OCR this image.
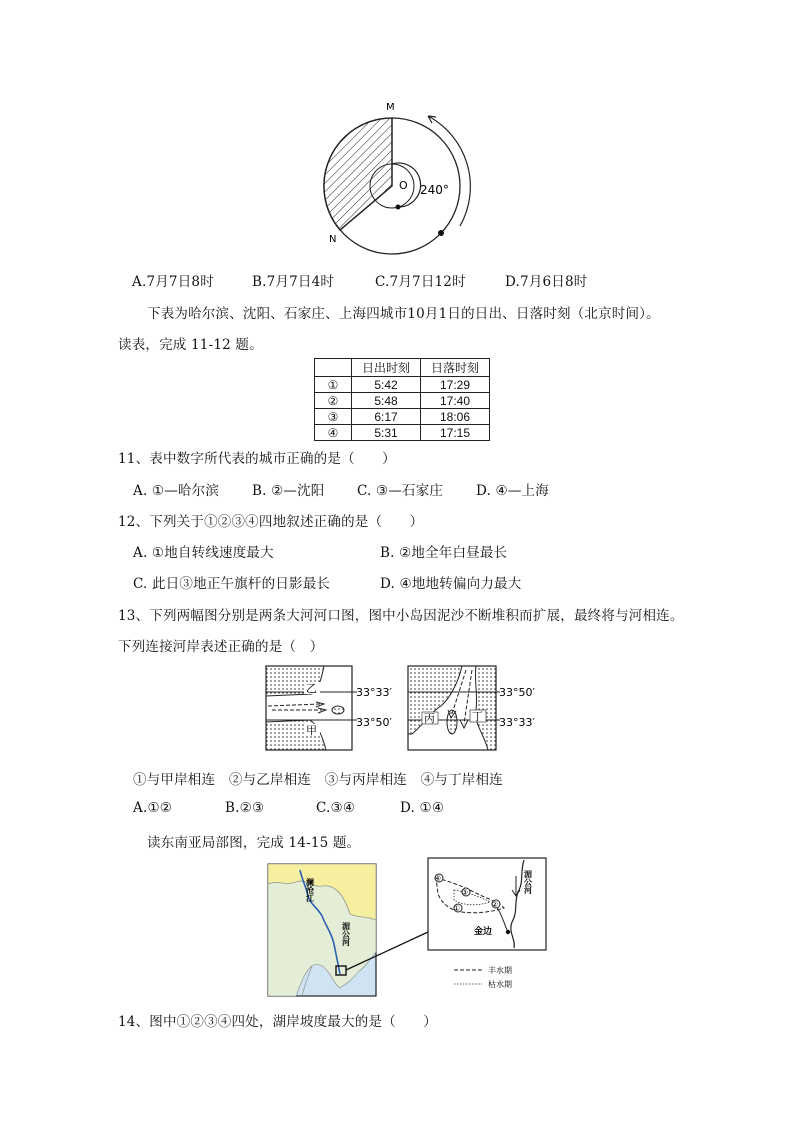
M
N
O 240°
A.7月7日8时	B.7月7日4时	C.7月7日12时	D.7月6日8时
下表为哈尔滨、沈阳、石家庄、上海四城市10月1日的日出、日落时刻（北京时间）。
读表，完成 11-12 题。
	日出时刻	日落时刻
①	5:42	17:29
②	5:48	17:40
③	6:17	18:06
④	5:31	17:15
11、表中数字所代表的城市正确的是（　　）
A. ①—哈尔滨 B. ②—沈阳 C. ③—石家庄 D. ④—上海
12、下列关于①②③④四地叙述正确的是（　　）
A. ①地自转线速度最大	B. ②地全年白昼最长
C. 此日③地正午旗杆的日影最长	D. ④地地转偏向力最大
13、下列两幅图分别是两条大河河口图，图中小岛因泥沙不断堆积而扩展，最终将与河相连。
下列连接河岸表述正确的是（　）
乙
甲
33°33′
33°50′	丙	丁
33°50′
33°33′
①与甲岸相连　②与乙岸相连　③与丙岸相连　④与丁岸相连
A.①②	B.②③	C.③④	D. ①④
读东南亚局部图，完成 14-15 题。
澜沧江
湄公河
④
③
①	②
金边
湄公河
丰水期
枯水期
14、图中①②③④四处，湖岸坡度最大的是（　　）
